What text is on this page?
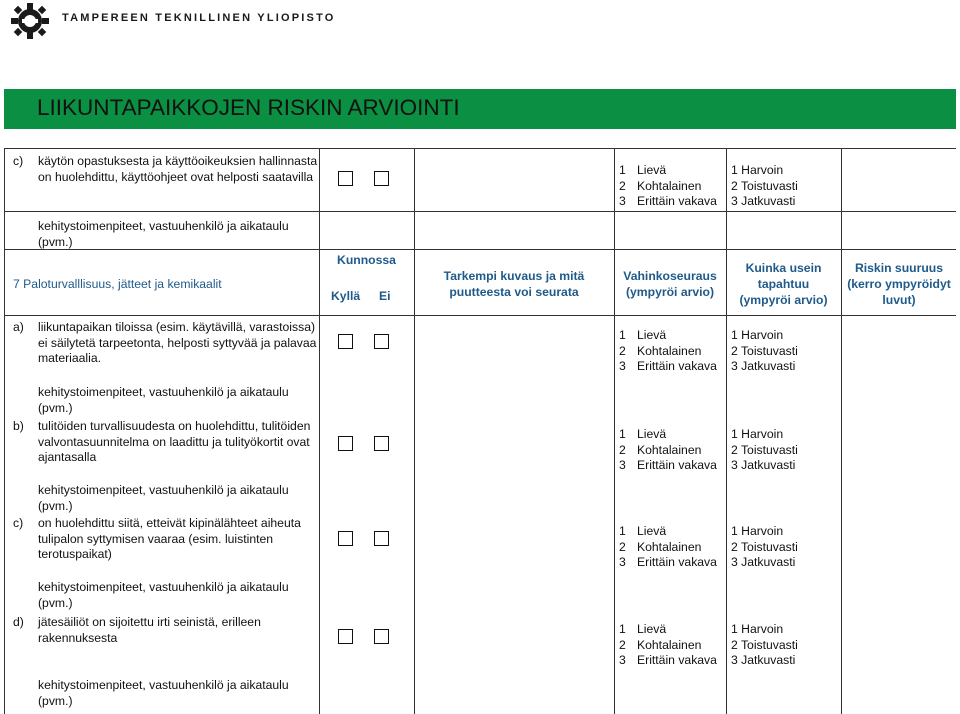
TAMPEREEN TEKNILLINEN YLIOPISTO
LIIKUNTAPAIKKOJEN RISKIN ARVIOINTI
c) käytön opastuksesta ja käyttöoikeuksien hallinnasta
on huolehdittu, käyttöohjeet ovat helposti saatavilla	1 Lievä
2 Kohtalainen
3 Erittäin vakava
1 Harvoin
2 Toistuvasti
3 Jatkuvasti
kehitystoimenpiteet, vastuuhenkilö ja aikataulu
(pvm.)
7 Paloturvalllisuus, jätteet ja kemikaalit
Kunnossa
Kyllä Ei
Tarkempi kuvaus ja mitä
puutteesta voi seurata
Vahinkoseuraus
(ympyröi arvio)
Kuinka usein
tapahtuu
(ympyröi arvio)
Riskin suuruus
(kerro ympyröidyt
luvut)
a) liikuntapaikan tiloissa (esim. käytävillä, varastoissa)
ei säilytetä tarpeetonta, helposti syttyvää ja palavaa
materiaalia.
1 Lievä
2 Kohtalainen
3 Erittäin vakava
1 Harvoin
2 Toistuvasti
3 Jatkuvasti
kehitystoimenpiteet, vastuuhenkilö ja aikataulu
(pvm.)
b) tulitöiden turvallisuudesta on huolehdittu, tulitöiden
valvontasuunnitelma on laadittu ja tulityökortit ovat
ajantasalla
1 Lievä
2 Kohtalainen
3 Erittäin vakava
1 Harvoin
2 Toistuvasti
3 Jatkuvasti
kehitystoimenpiteet, vastuuhenkilö ja aikataulu
(pvm.)
c) on huolehdittu siitä, etteivät kipinälähteet aiheuta
tulipalon syttymisen vaaraa (esim. luistinten
terotuspaikat)
1 Lievä
2 Kohtalainen
3 Erittäin vakava
1 Harvoin
2 Toistuvasti
3 Jatkuvasti
kehitystoimenpiteet, vastuuhenkilö ja aikataulu
(pvm.)
d) jätesäiliöt on sijoitettu irti seinistä, erilleen
rakennuksesta
1 Lievä
2 Kohtalainen
3 Erittäin vakava
1 Harvoin
2 Toistuvasti
3 Jatkuvasti
kehitystoimenpiteet, vastuuhenkilö ja aikataulu
(pvm.)
